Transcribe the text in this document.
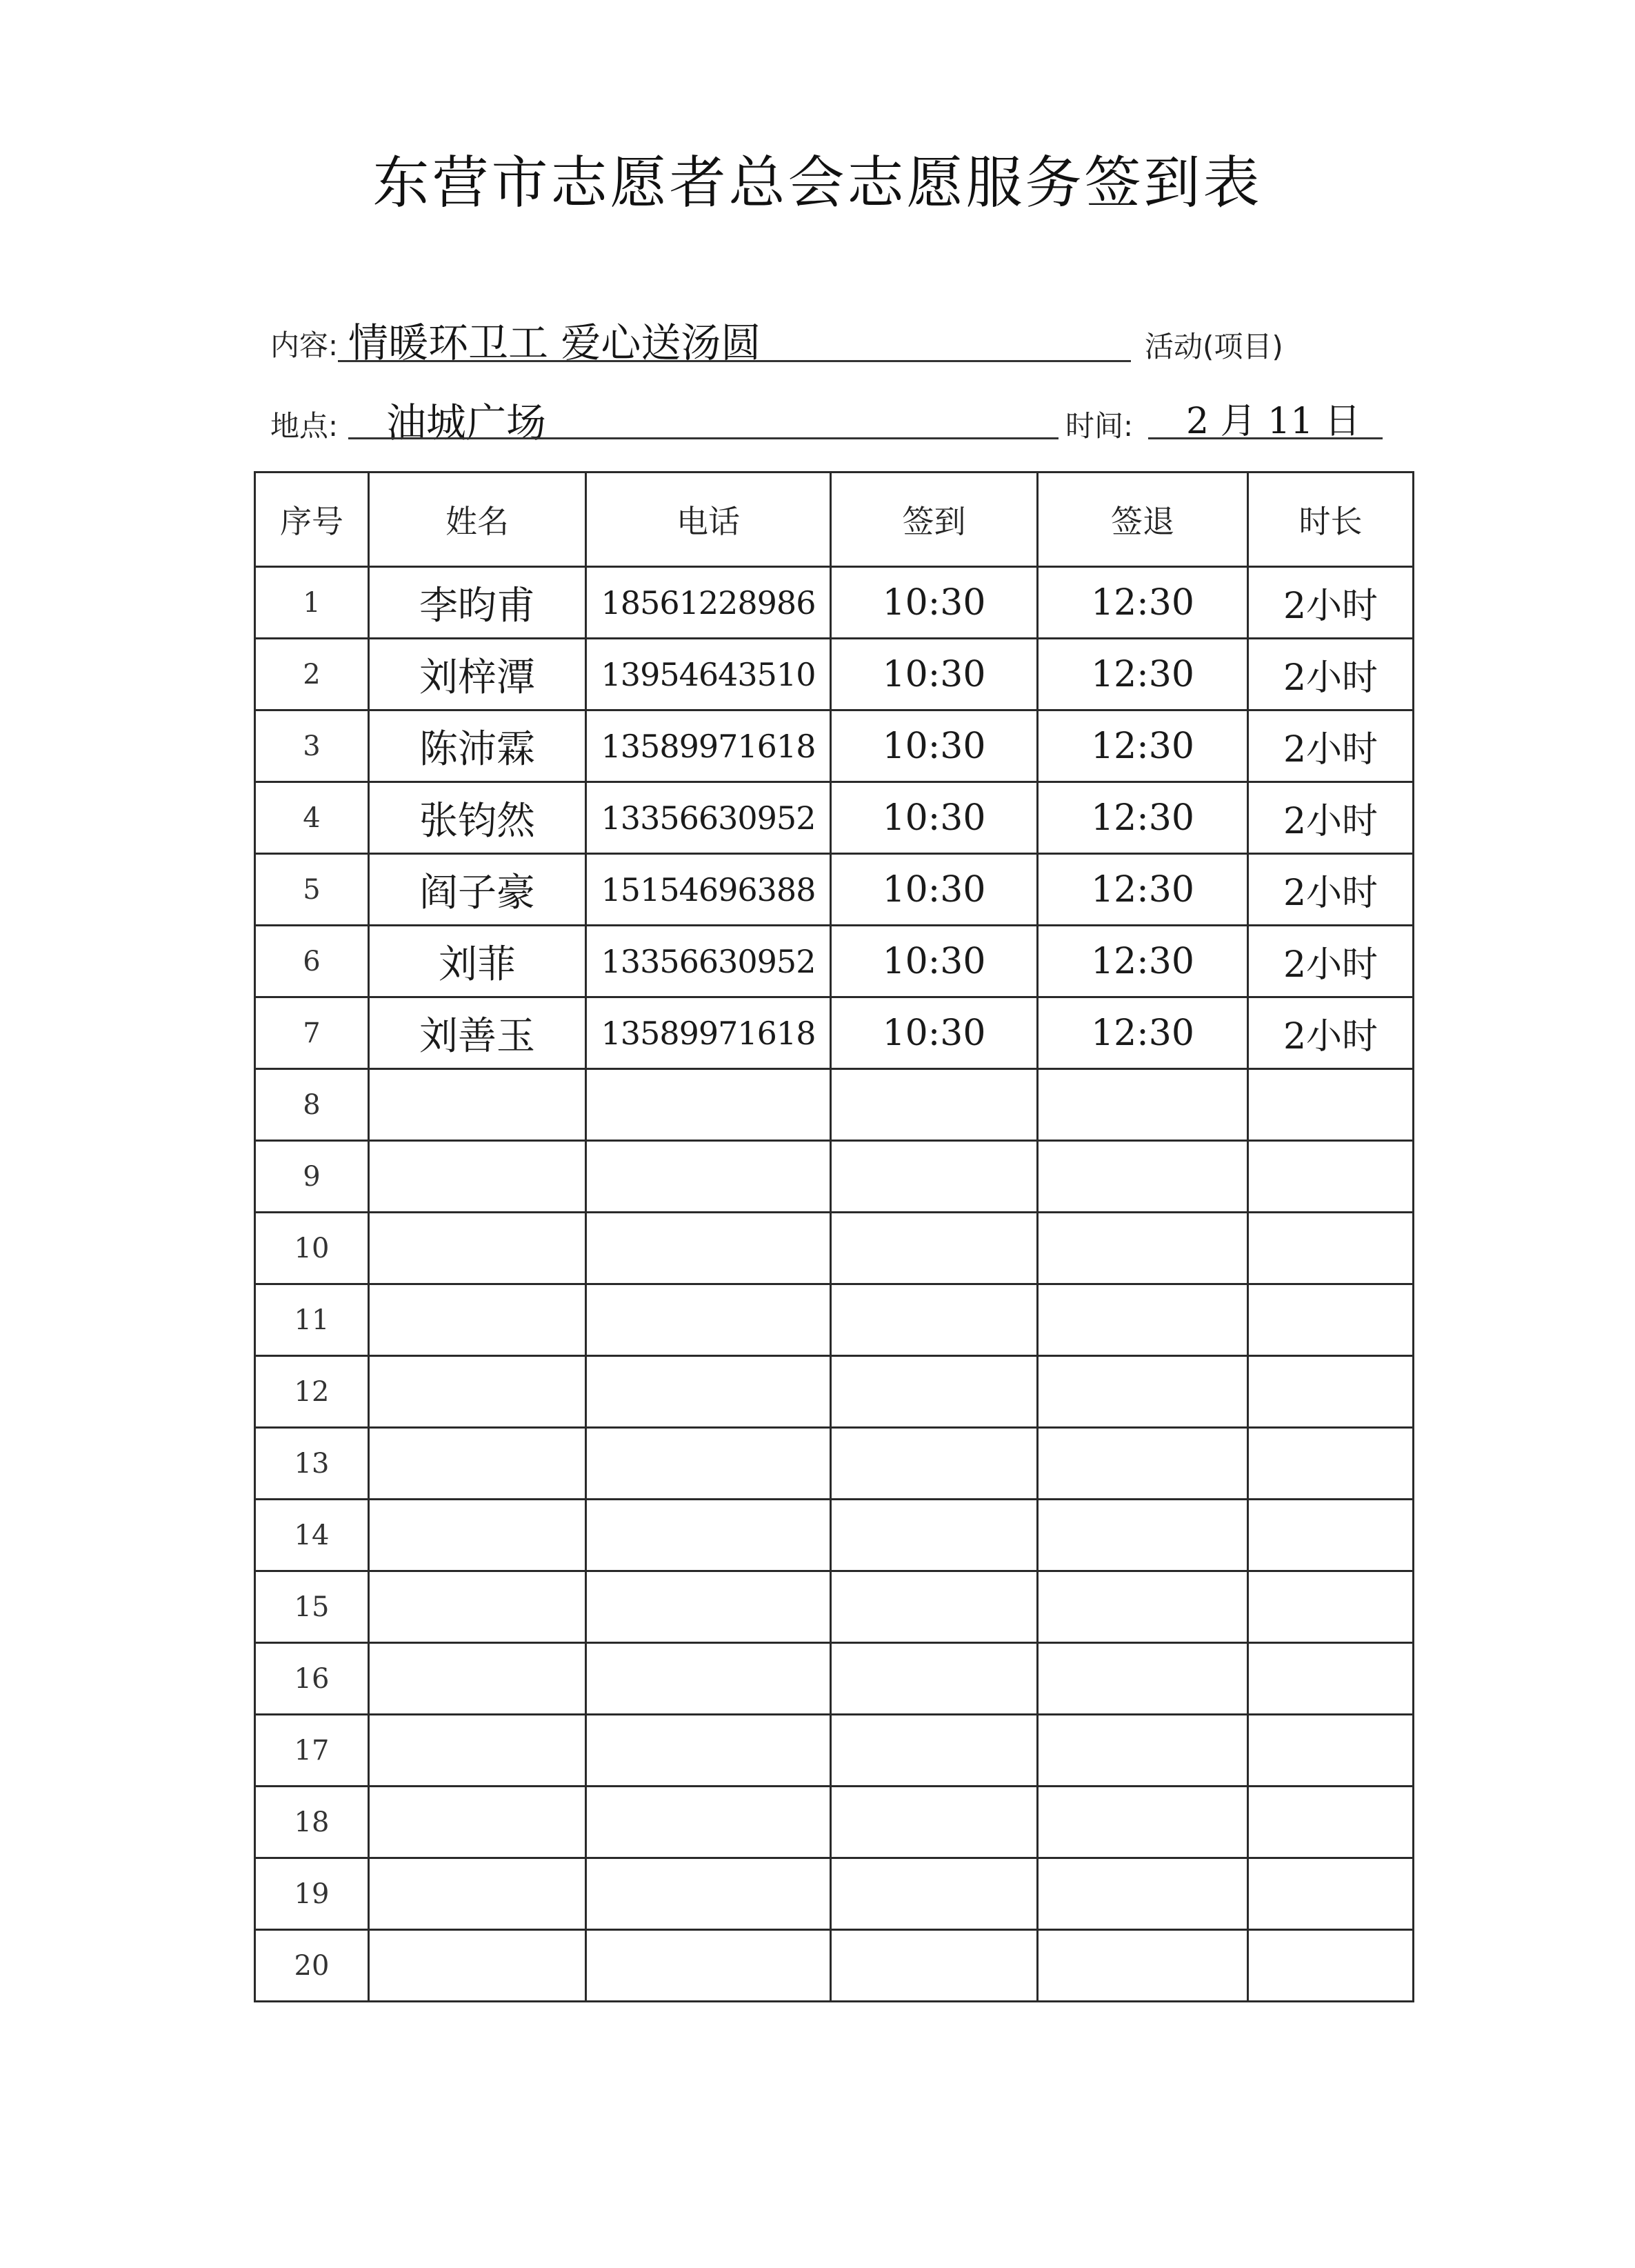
东营市志愿者总会志愿服务签到表
内容: 情暖环卫工 爱心送汤圆	活动(项目)
地点: 油城广场	时间: 2 月 11 日
序号	姓名	电话	签到	签退	时长
1	李昀甫	18561228986	10:30	12:30	2小时
2	刘梓潭	13954643510	10:30	12:30	2小时
3	陈沛霖	13589971618	10:30	12:30	2小时
4	张钧然	13356630952	10:30	12:30	2小时
5	阎子豪	15154696388	10:30	12:30	2小时
6	刘菲	13356630952	10:30	12:30	2小时
7	刘善玉	13589971618	10:30	12:30	2小时
8					
9					
10					
11					
12					
13					
14					
15					
16					
17					
18					
19					
20					
